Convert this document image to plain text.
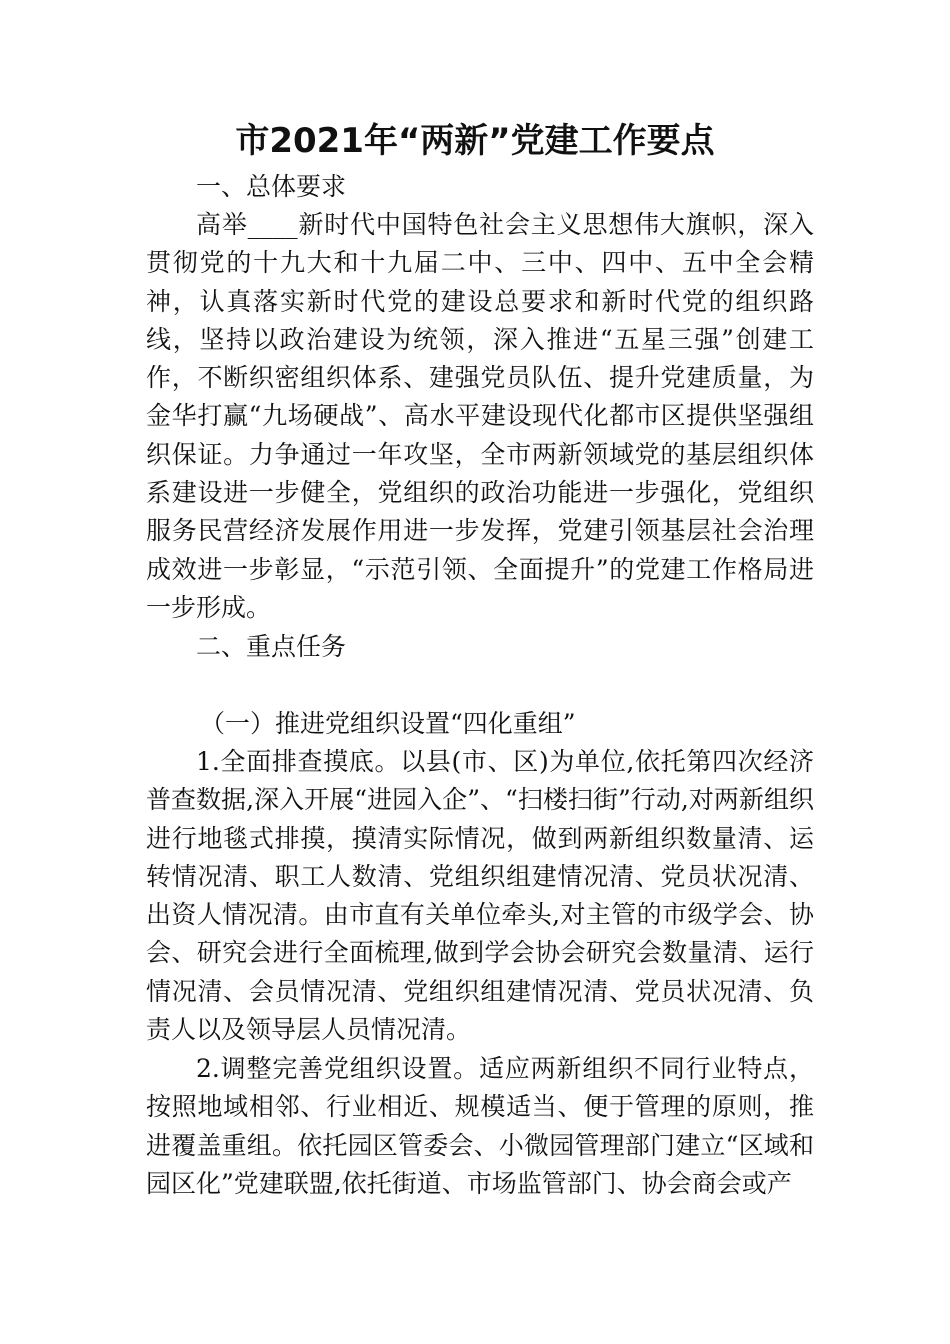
市2021年“两新”党建工作要点
一、总体要求
高举____新时代中国特色社会主义思想伟大旗帜，深入贯彻党的十九大和十九届二中、三中、四中、五中全会精神，认真落实新时代党的建设总要求和新时代党的组织路线，坚持以政治建设为统领，深入推进“五星三强”创建工作，不断织密组织体系、建强党员队伍、提升党建质量，为金华打赢“九场硬战”、高水平建设现代化都市区提供坚强组织保证。力争通过一年攻坚，全市两新领域党的基层组织体系建设进一步健全，党组织的政治功能进一步强化，党组织服务民营经济发展作用进一步发挥，党建引领基层社会治理成效进一步彰显，“示范引领、全面提升”的党建工作格局进一步形成。
二、重点任务
（一）推进党组织设置“四化重组”
1.全面排查摸底。以县(市、区)为单位,依托第四次经济普查数据,深入开展“进园入企”、“扫楼扫街”行动,对两新组织进行地毯式排摸，摸清实际情况，做到两新组织数量清、运转情况清、职工人数清、党组织组建情况清、党员状况清、出资人情况清。由市直有关单位牵头,对主管的市级学会、协会、研究会进行全面梳理,做到学会协会研究会数量清、运行情况清、会员情况清、党组织组建情况清、党员状况清、负责人以及领导层人员情况清。
2.调整完善党组织设置。适应两新组织不同行业特点，按照地域相邻、行业相近、规模适当、便于管理的原则，推进覆盖重组。依托园区管委会、小微园管理部门建立“区域和园区化”党建联盟,依托街道、市场监管部门、协会商会或产
